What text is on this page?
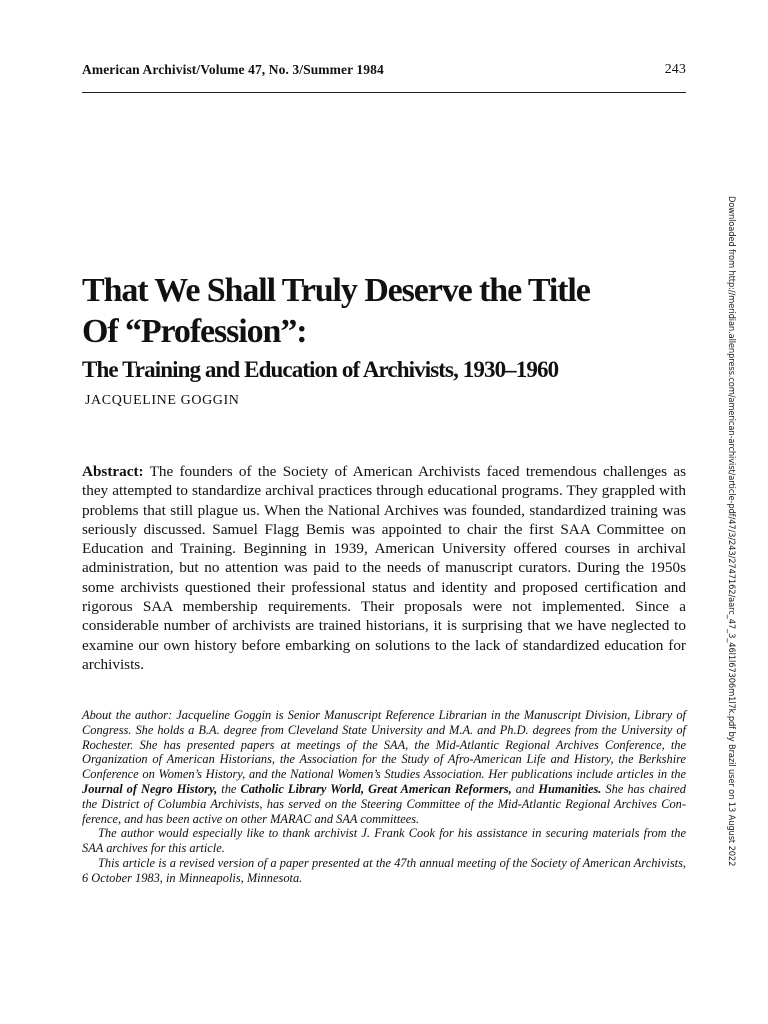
American Archivist/Volume 47, No. 3/Summer 1984	243
Downloaded from http://meridian.allenpress.com/american-archivist/article-pdf/47/3/243/2747162/aarc_47_3_46l1l67306m1l7k.pdf by Brazil user on 13 August 2022
That We Shall Truly Deserve the Title
Of “Profession”:
The Training and Education of Archivists, 1930–1960
JACQUELINE GOGGIN

Abstract: The founders of the Society of American Archivists faced tremendous challenges as they attempted to standardize archival practices through educational programs. They grappled with problems that still plague us. When the National Archives was founded, standardized training was seriously discussed. Samuel Flagg Bemis was appointed to chair the first SAA Committee on Education and Training. Beginning in 1939, American University offered courses in archival administration, but no attention was paid to the needs of manuscript curators. During the 1950s some archivists questioned their professional status and identity and proposed certification and rigorous SAA membership requirements. Their proposals were not implemented. Since a considerable number of archivists are trained historians, it is surprising that we have neglected to examine our own history before embarking on solutions to the lack of standardized education for archivists.

About the author: Jacqueline Goggin is Senior Manuscript Reference Librarian in the Manuscript Division, Library of Congress. She holds a B.A. degree from Cleveland State University and M.A. and Ph.D. degrees from the University of Rochester. She has presented papers at meetings of the SAA, the Mid-Atlantic Regional Archives Conference, the Organization of American Historians, the Association for the Study of Afro-American Life and History, the Berkshire Conference on Women’s History, and the National Women’s Studies Association. Her publications include articles in the Journal of Negro History, the Catholic Library World, Great American Reformers, and Humanities. She has chaired the District of Columbia Archivists, has served on the Steering Committee of the Mid-Atlantic Regional Archives Conference, and has been active on other MARAC and SAA committees.

The author would especially like to thank archivist J. Frank Cook for his assistance in securing materials from the SAA archives for this article.

This article is a revised version of a paper presented at the 47th annual meeting of the Society of American Archivists, 6 October 1983, in Minneapolis, Minnesota.
